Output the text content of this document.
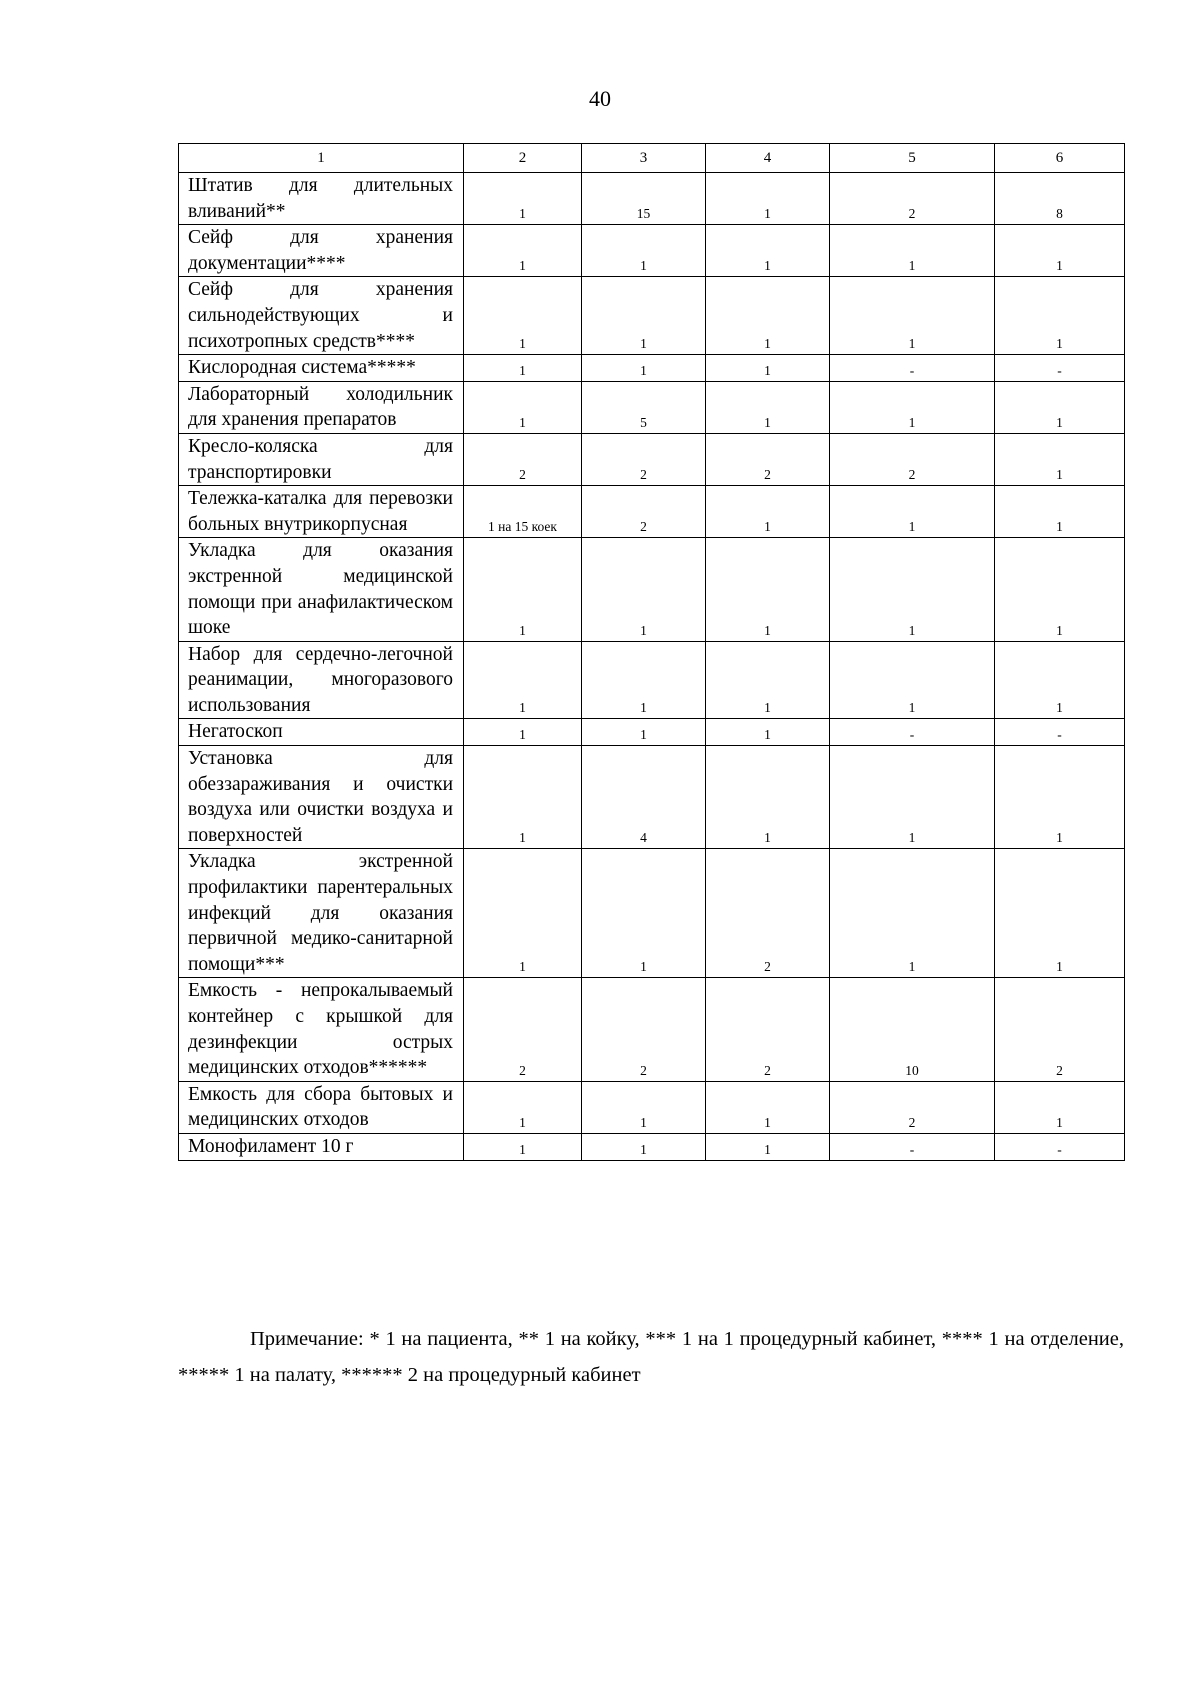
40
1	2	3	4	5	6
Штатив для длительных вливаний**	1	15	1	2	8
Сейф для хранения документации****	1	1	1	1	1
Сейф для хранения сильнодействующих и психотропных средств****	1	1	1	1	1
Кислородная система*****	1	1	1	-	-
Лабораторный холодильник для хранения препаратов	1	5	1	1	1
Кресло-коляска для транспортировки	2	2	2	2	1
Тележка-каталка для перевозки больных внутрикорпусная	1 на 15 коек	2	1	1	1
Укладка для оказания экстренной медицинской помощи при анафилактическом шоке	1	1	1	1	1
Набор для сердечно-легочной реанимации, многоразового использования	1	1	1	1	1
Негатоскоп	1	1	1	-	-
Установка для обеззараживания и очистки воздуха или очистки воздуха и поверхностей	1	4	1	1	1
Укладка экстренной профилактики парентеральных инфекций для оказания первичной медико-санитарной помощи***	1	1	2	1	1
Емкость - непрокалываемый контейнер с крышкой для дезинфекции острых медицинских отходов******	2	2	2	10	2
Емкость для сбора бытовых и медицинских отходов	1	1	1	2	1
Монофиламент 10 г	1	1	1	-	-
Примечание: * 1 на пациента, ** 1 на койку, *** 1 на 1 процедурный кабинет, **** 1 на отделение, ***** 1 на палату, ****** 2 на процедурный кабинет
